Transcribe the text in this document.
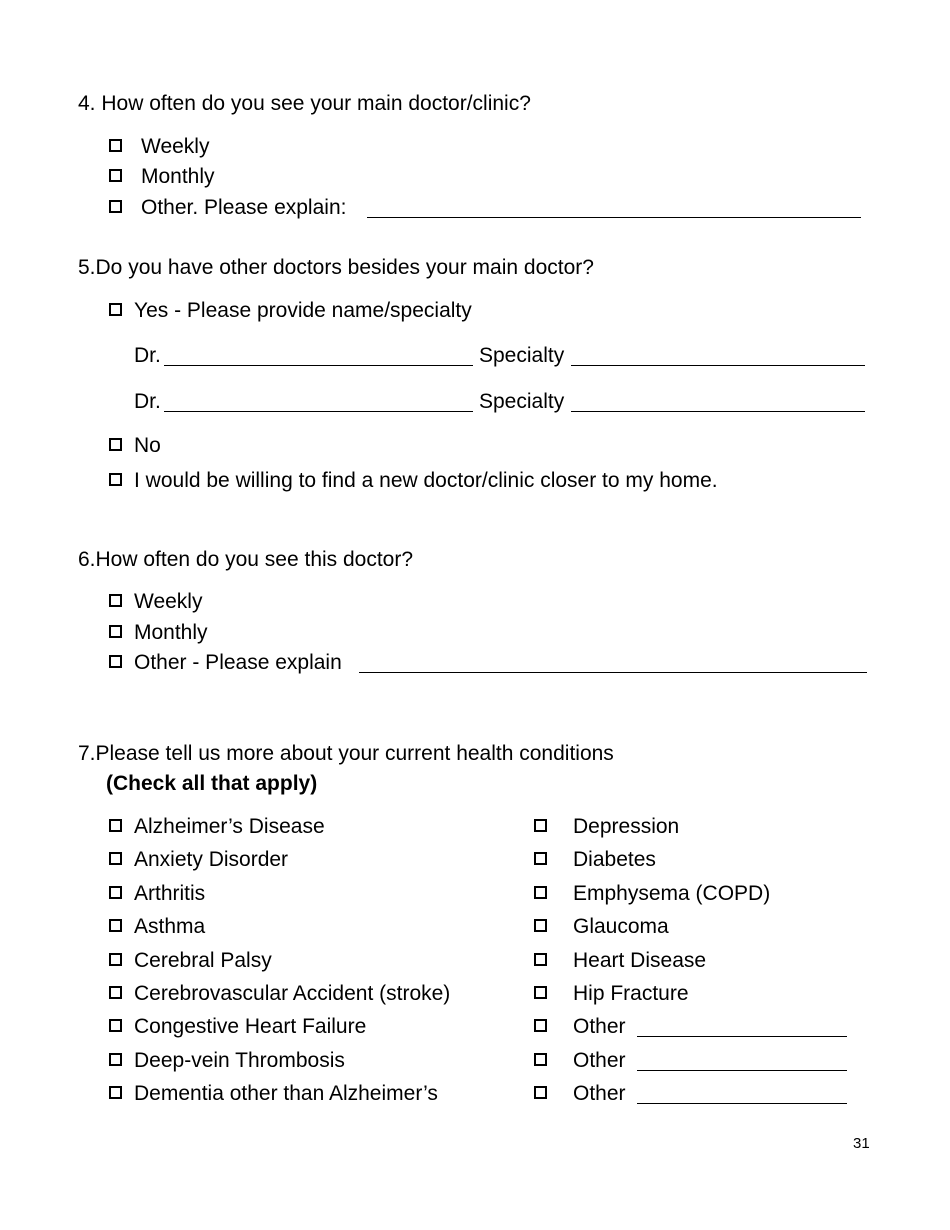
4. How often do you see your main doctor/clinic?
Weekly
Monthly
Other. Please explain:
5.Do you have other doctors besides your main doctor?
Yes - Please provide name/specialty
Dr.	Specialty
Dr.	Specialty
No
I would be willing to find a new doctor/clinic closer to my home.
6.How often do you see this doctor?
Weekly
Monthly
Other - Please explain
7.Please tell us more about your current health conditions
(Check all that apply)
Alzheimer’s Disease
Anxiety Disorder
Arthritis
Asthma
Cerebral Palsy
Cerebrovascular Accident (stroke)
Congestive Heart Failure
Deep-vein Thrombosis
Dementia other than Alzheimer’s
Depression
Diabetes
Emphysema (COPD)
Glaucoma
Heart Disease
Hip Fracture
Other
Other
Other
31
